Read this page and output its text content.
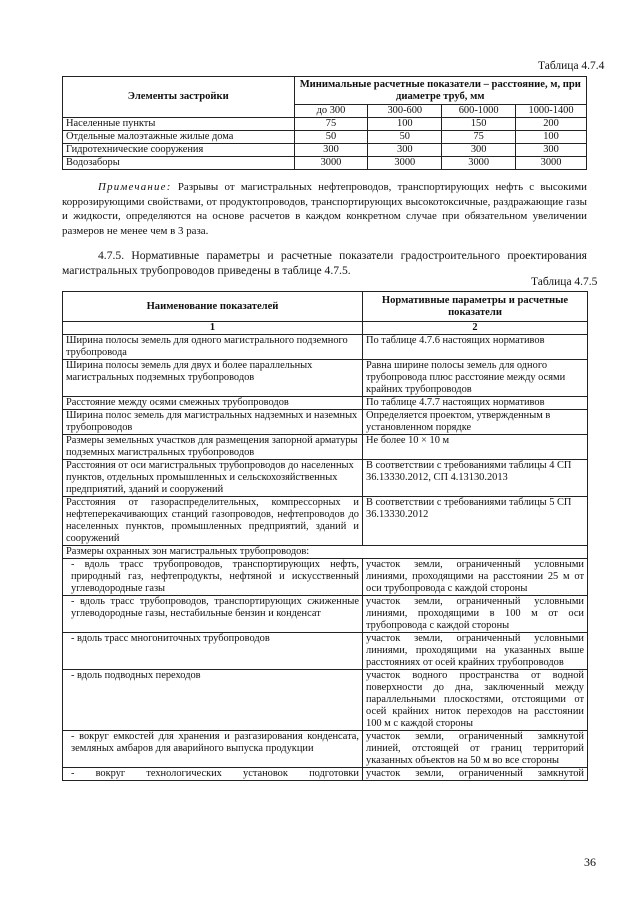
Таблица 4.7.4
Элементы застройки	Минимальные расчетные показатели – расстояние, м, при диаметре труб, мм			
	до 300	300-600	600-1000	1000-1400
Населенные пункты	75	100	150	200
Отдельные малоэтажные жилые дома	50	50	75	100
Гидротехнические сооружения	300	300	300	300
Водозаборы	3000	3000	3000	3000
Примечание: Разрывы от магистральных нефтепроводов, транспортирующих нефть с высокими коррозирующими свойствами, от продуктопроводов, транспортирующих высокотоксичные, раздражающие газы и жидкости, определяются на основе расчетов в каждом конкретном случае при обязательном увеличении размеров не менее чем в 3 раза.
4.7.5. Нормативные параметры и расчетные показатели градостроительного проектирования магистральных трубопроводов приведены в таблице 4.7.5.
Таблица 4.7.5
Наименование показателей	Нормативные параметры и расчетные показатели
1	2
Ширина полосы земель для одного магистрального подземного трубопровода	По таблице 4.7.6 настоящих нормативов
Ширина полосы земель для двух и более параллельных магистральных подземных трубопроводов	Равна ширине полосы земель для одного трубопровода плюс расстояние между осями крайних трубопроводов
Расстояние между осями смежных трубопроводов	По таблице 4.7.7 настоящих нормативов
Ширина полос земель для магистральных надземных и наземных трубопроводов	Определяется проектом, утвержденным в установленном порядке
Размеры земельных участков для размещения запорной арматуры подземных магистральных трубопроводов	Не более 10 × 10 м
Расстояния от оси магистральных трубопроводов до населенных пунктов, отдельных промышленных и сельскохозяйственных предприятий, зданий и сооружений	В соответствии с требованиями таблицы 4 СП 36.13330.2012, СП 4.13130.2013
Расстояния от газораспределительных, компрессорных и нефтеперекачивающих станций газопроводов, нефтепроводов до населенных пунктов, промышленных предприятий, зданий и сооружений	В соответствии с требованиями таблицы 5 СП 36.13330.2012
Размеры охранных зон магистральных трубопроводов:	
- вдоль трасс трубопроводов, транспортирующих нефть, природный газ, нефтепродукты, нефтяной и искусственный углеводородные газы	участок земли, ограниченный условными линиями, проходящими на расстоянии 25 м от оси трубопровода с каждой стороны
- вдоль трасс трубопроводов, транспортирующих сжиженные углеводородные газы, нестабильные бензин и конденсат	участок земли, ограниченный условными линиями, проходящими в 100 м от оси трубопровода с каждой стороны
- вдоль трасс многониточных трубопроводов	участок земли, ограниченный условными линиями, проходящими на указанных выше расстояниях от осей крайних трубопроводов
- вдоль подводных переходов	участок водного пространства от водной поверхности до дна, заключенный между параллельными плоскостями, отстоящими от осей крайних ниток переходов на расстоянии 100 м с каждой стороны
- вокруг емкостей для хранения и разгазирования конденсата, земляных амбаров для аварийного выпуска продукции	участок земли, ограниченный замкнутой линией, отстоящей от границ территорий указанных объектов на 50 м во все стороны
- вокруг технологических установок подготовки	участок земли, ограниченный замкнутой
36
